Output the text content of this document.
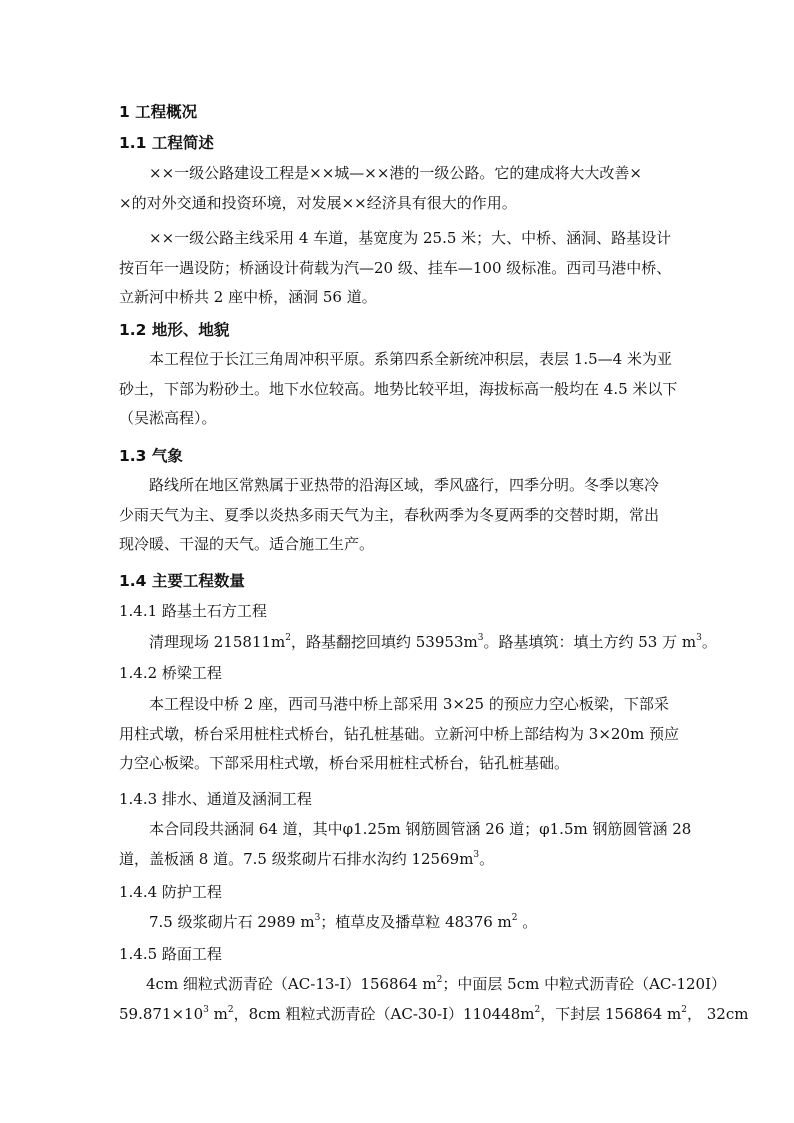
1 工程概况
1.1 工程简述
××一级公路建设工程是××城—××港的一级公路。它的建成将大大改善×
×的对外交通和投资环境，对发展××经济具有很大的作用。
××一级公路主线采用 4 车道，基宽度为 25.5 米；大、中桥、涵洞、路基设计
按百年一遇设防；桥涵设计荷载为汽—20 级、挂车—100 级标准。西司马港中桥、
立新河中桥共 2 座中桥，涵洞 56 道。
1.2 地形、地貌
本工程位于长江三角周冲积平原。系第四系全新统冲积层，表层 1.5—4 米为亚
砂土，下部为粉砂土。地下水位较高。地势比较平坦，海拔标高一般均在 4.5 米以下
（吴淞高程）。
1.3 气象
路线所在地区常熟属于亚热带的沿海区域，季风盛行，四季分明。冬季以寒冷
少雨天气为主、夏季以炎热多雨天气为主，春秋两季为冬夏两季的交替时期，常出
现冷暖、干湿的天气。适合施工生产。
1.4 主要工程数量
1.4.1 路基土石方工程
清理现场 $215811m^2$，路基翻挖回填约 $53953m^3$。路基填筑：填土方约 53 万 $m^3$。
1.4.2 桥梁工程
本工程设中桥 2 座，西司马港中桥上部采用 3×25 的预应力空心板梁，下部采
用柱式墩，桥台采用桩柱式桥台，钻孔桩基础。立新河中桥上部结构为 3×20m 预应
力空心板梁。下部采用柱式墩，桥台采用桩柱式桥台，钻孔桩基础。
1.4.3 排水、通道及涵洞工程
本合同段共涵洞 64 道，其中φ1.25m 钢筋圆管涵 26 道；φ1.5m 钢筋圆管涵 28
道，盖板涵 8 道。7.5 级浆砌片石排水沟约 $12569m^3$。
1.4.4 防护工程
7.5 级浆砌片石 2989 $m^3$；植草皮及播草粒 48376 $m^2$ 。
1.4.5 路面工程
4cm 细粒式沥青砼（AC-13-I）156864 $m^2$；中面层 5cm 中粒式沥青砼（AC-120I）
$59.871\times 10^3$ $m^2$，8cm 粗粒式沥青砼$(AC-30-I)110448m^2$，下封层 156864 $m^2$， 32cm
